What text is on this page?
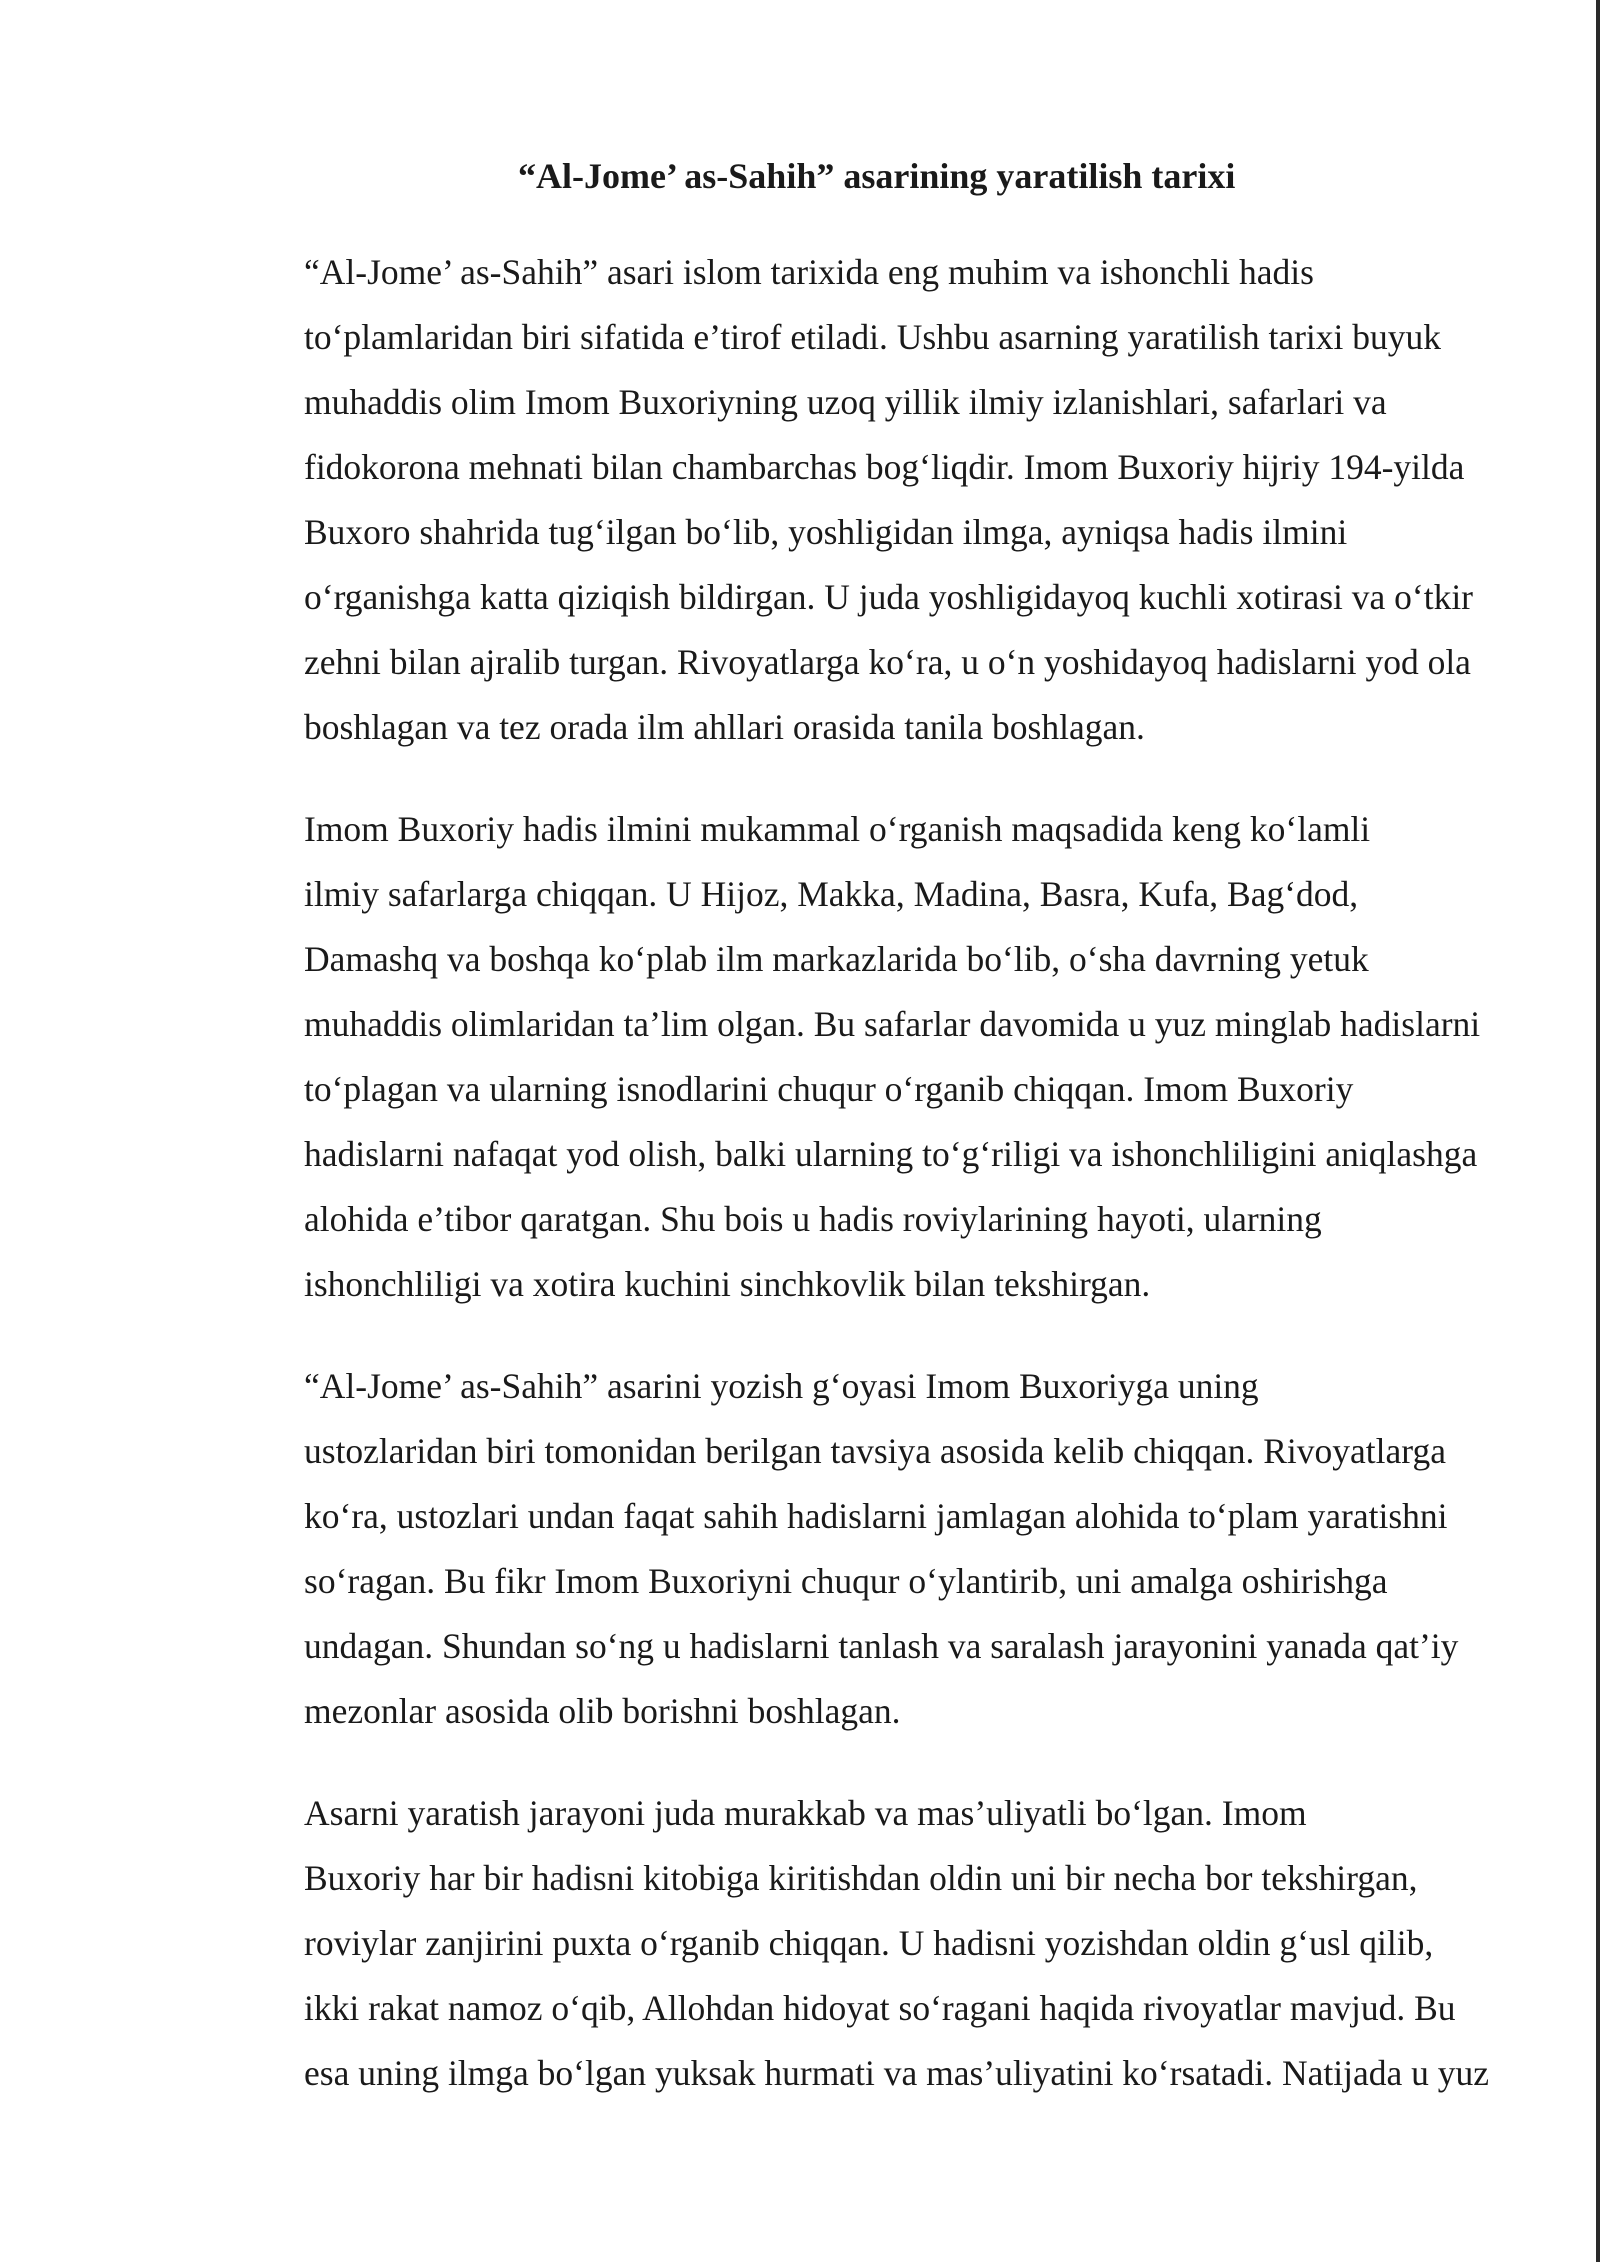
“Al-Jome’ as-Sahih” asarining yaratilish tarixi

“Al-Jome’ as-Sahih” asari islom tarixida eng muhim va ishonchli hadis
to‘plamlaridan biri sifatida e’tirof etiladi. Ushbu asarning yaratilish tarixi buyuk
muhaddis olim Imom Buxoriyning uzoq yillik ilmiy izlanishlari, safarlari va
fidokorona mehnati bilan chambarchas bog‘liqdir. Imom Buxoriy hijriy 194-yilda
Buxoro shahrida tug‘ilgan bo‘lib, yoshligidan ilmga, ayniqsa hadis ilmini
o‘rganishga katta qiziqish bildirgan. U juda yoshligidayoq kuchli xotirasi va o‘tkir
zehni bilan ajralib turgan. Rivoyatlarga ko‘ra, u o‘n yoshidayoq hadislarni yod ola
boshlagan va tez orada ilm ahllari orasida tanila boshlagan.

Imom Buxoriy hadis ilmini mukammal o‘rganish maqsadida keng ko‘lamli
ilmiy safarlarga chiqqan. U Hijoz, Makka, Madina, Basra, Kufa, Bag‘dod,
Damashq va boshqa ko‘plab ilm markazlarida bo‘lib, o‘sha davrning yetuk
muhaddis olimlaridan ta’lim olgan. Bu safarlar davomida u yuz minglab hadislarni
to‘plagan va ularning isnodlarini chuqur o‘rganib chiqqan. Imom Buxoriy
hadislarni nafaqat yod olish, balki ularning to‘g‘riligi va ishonchliligini aniqlashga
alohida e’tibor qaratgan. Shu bois u hadis roviylarining hayoti, ularning
ishonchliligi va xotira kuchini sinchkovlik bilan tekshirgan.

“Al-Jome’ as-Sahih” asarini yozish g‘oyasi Imom Buxoriyga uning
ustozlaridan biri tomonidan berilgan tavsiya asosida kelib chiqqan. Rivoyatlarga
ko‘ra, ustozlari undan faqat sahih hadislarni jamlagan alohida to‘plam yaratishni
so‘ragan. Bu fikr Imom Buxoriyni chuqur o‘ylantirib, uni amalga oshirishga
undagan. Shundan so‘ng u hadislarni tanlash va saralash jarayonini yanada qat’iy
mezonlar asosida olib borishni boshlagan.

Asarni yaratish jarayoni juda murakkab va mas’uliyatli bo‘lgan. Imom
Buxoriy har bir hadisni kitobiga kiritishdan oldin uni bir necha bor tekshirgan,
roviylar zanjirini puxta o‘rganib chiqqan. U hadisni yozishdan oldin g‘usl qilib,
ikki rakat namoz o‘qib, Allohdan hidoyat so‘ragani haqida rivoyatlar mavjud. Bu
esa uning ilmga bo‘lgan yuksak hurmati va mas’uliyatini ko‘rsatadi. Natijada u yuz
